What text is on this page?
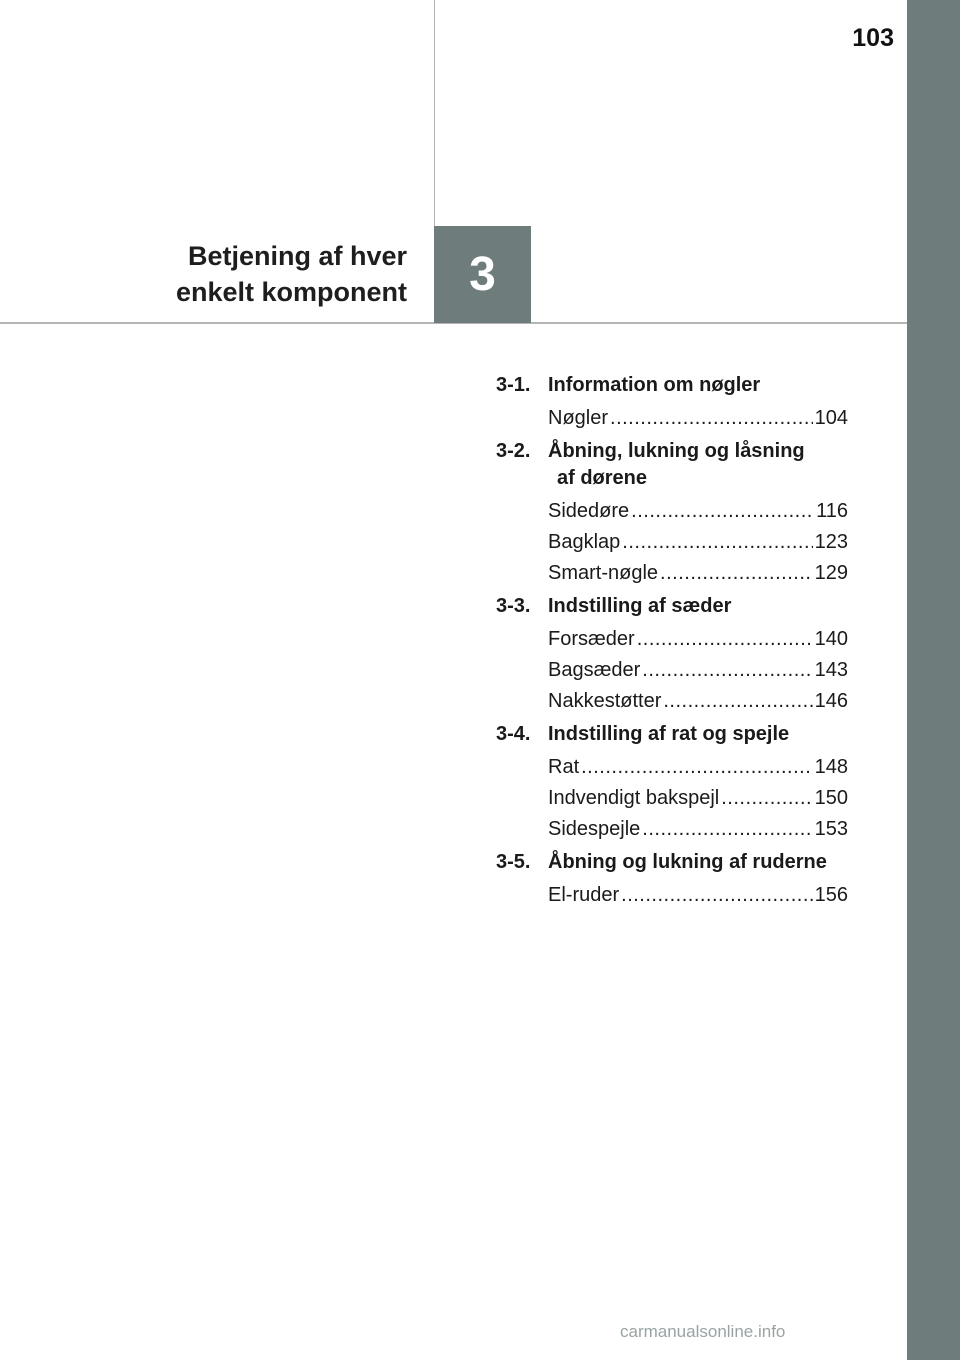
103
3
Betjening af hver
enkelt komponent
3-1. Information om nøgler
Nøgler .....	104
3-2. Åbning, lukning og låsning
af dørene
Sidedøre .....	116
Bagklap .....	123
Smart-nøgle .....	129
3-3. Indstilling af sæder
Forsæder .....	140
Bagsæder .....	143
Nakkestøtter .....	146
3-4. Indstilling af rat og spejle
Rat .....	148
Indvendigt bakspejl .....	150
Sidespejle .....	153
3-5. Åbning og lukning af ruderne
El-ruder .....	156
carmanualsonline.info
